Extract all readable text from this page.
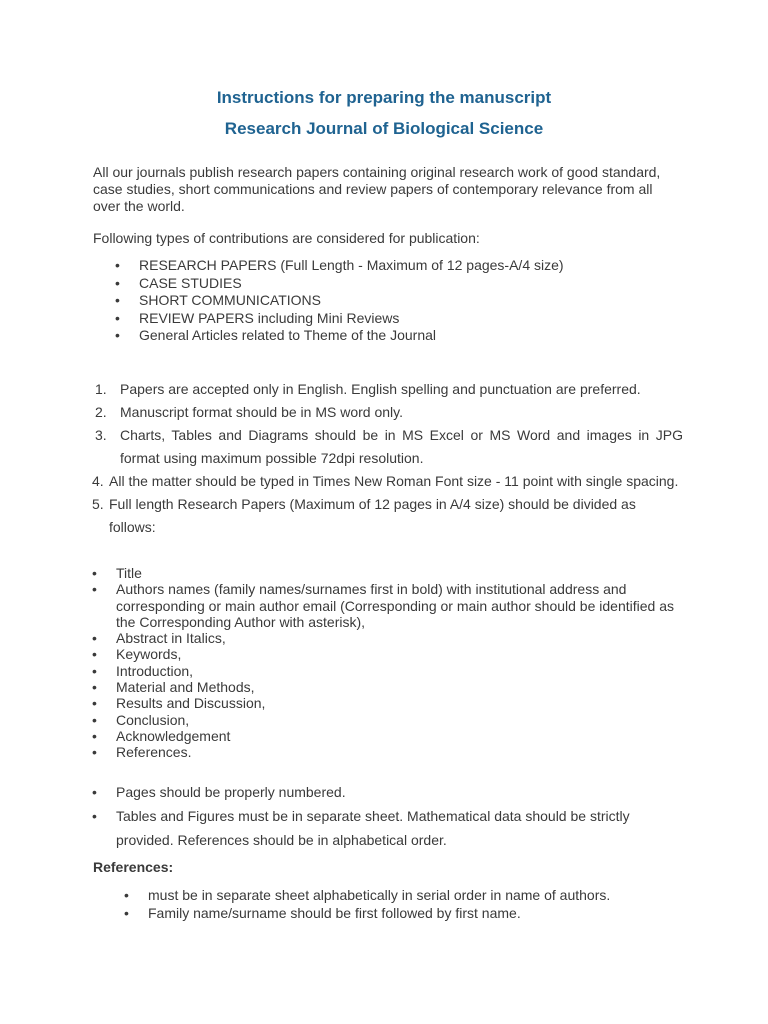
Instructions for preparing the manuscript
Research Journal of Biological Science

All our journals publish research papers containing original research work of good standard, case studies, short communications and review papers of contemporary relevance from all over the world.

Following types of contributions are considered for publication:

• RESEARCH PAPERS (Full Length - Maximum of 12 pages-A/4 size)
• CASE STUDIES
• SHORT COMMUNICATIONS
• REVIEW PAPERS including Mini Reviews
• General Articles related to Theme of the Journal
1. Papers are accepted only in English. English spelling and punctuation are preferred.
2. Manuscript format should be in MS word only.
3. Charts, Tables and Diagrams should be in MS Excel or MS Word and images in JPG format using maximum possible 72dpi resolution.
4. All the matter should be typed in Times New Roman Font size - 11 point with single spacing.
5. Full length Research Papers (Maximum of 12 pages in A/4 size) should be divided as follows:
• Title
• Authors names (family names/surnames first in bold) with institutional address and corresponding or main author email (Corresponding or main author should be identified as the Corresponding Author with asterisk),
• Abstract in Italics,
• Keywords,
• Introduction,
• Material and Methods,
• Results and Discussion,
• Conclusion,
• Acknowledgement
• References.
• Pages should be properly numbered.
• Tables and Figures must be in separate sheet. Mathematical data should be strictly provided. References should be in alphabetical order.
References:
• must be in separate sheet alphabetically in serial order in name of authors.
• Family name/surname should be first followed by first name.
